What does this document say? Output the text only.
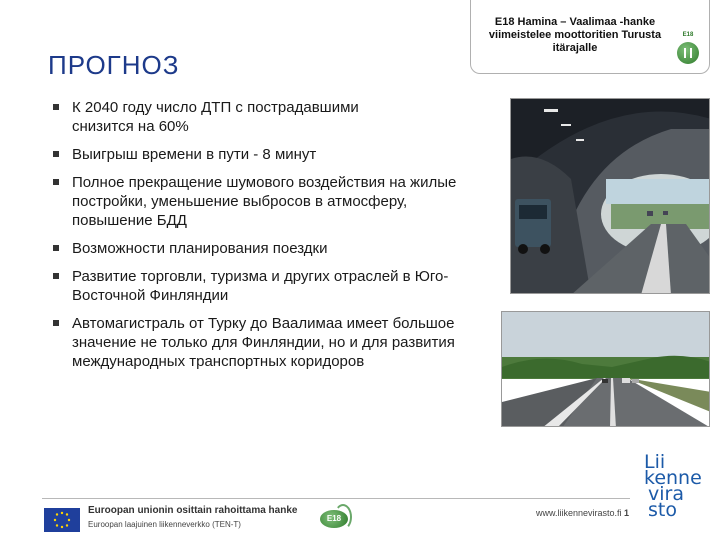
ПРОГНОЗ
E18 Hamina – Vaalimaa -hanke viimeistelee moottoritien Turusta itärajalle
E18
К 2040 году число ДТП с пострадавшими снизится на 60%
Выигрыш времени в пути - 8 минут
Полное прекращение шумового воздействия на жилые постройки, уменьшение выбросов в атмосферу, повышение БДД
Возможности планирования поездки
Развитие торговли, туризма и других отраслей в Юго-Восточной Финляндии
Автомагистраль от Турку до Ваалимаа имеет большое значение не только для Финляндии, но и для развития международных транспортных коридоров
Euroopan unionin osittain rahoittama hanke
Euroopan laajuinen liikenneverkko (TEN-T)
E18
www.liikennevirasto.fi 1
Lii
kenne
vira
sto
